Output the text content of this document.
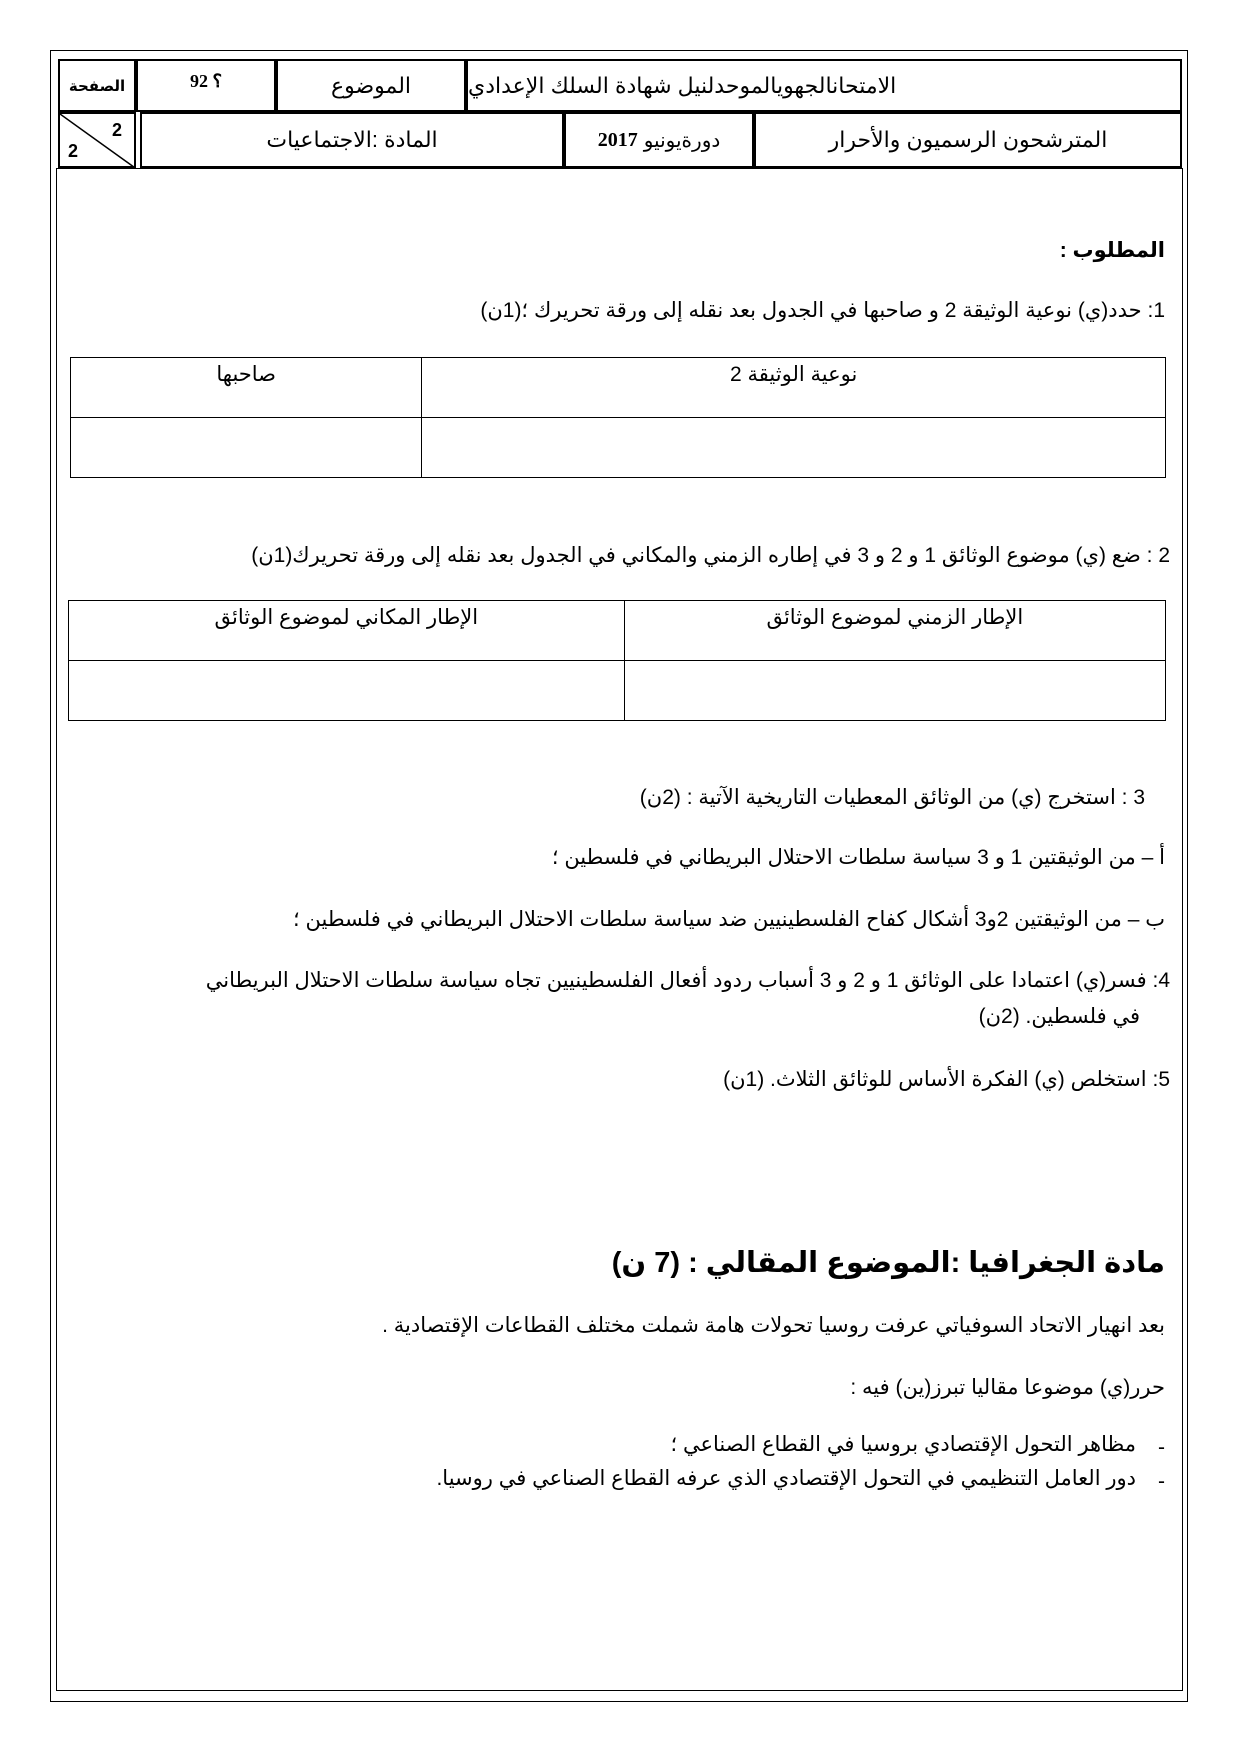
الصفحة	92 ؟	الموضوع	الامتحانالجهويالموحدلنيل شهادة السلك الإعدادي
2
2	المادة :الاجتماعيات	2017 دورةيونيو	المترشحون الرسميون والأحرار
المطلوب :
1: حدد(ي) نوعية الوثيقة 2 و صاحبها في الجدول بعد نقله إلى ورقة تحريرك ؛(1ن)
نوعية الوثيقة 2	صاحبها

2 : ضع (ي) موضوع الوثائق 1 و 2 و 3 في إطاره الزمني والمكاني في الجدول بعد نقله إلى ورقة تحريرك(1ن)
الإطار الزمني لموضوع الوثائق	الإطار المكاني لموضوع الوثائق

3 : استخرج (ي) من الوثائق المعطيات التاريخية الآتية : (2ن)
أ – من الوثيقتين 1 و 3 سياسة سلطات الاحتلال البريطاني في فلسطين ؛
ب – من الوثيقتين 2و3 أشكال كفاح الفلسطينيين ضد سياسة سلطات الاحتلال البريطاني في فلسطين ؛
4: فسر(ي) اعتمادا على الوثائق 1 و 2 و 3 أسباب ردود أفعال الفلسطينيين تجاه سياسة سلطات الاحتلال البريطاني
في فلسطين. (2ن)
5: استخلص (ي) الفكرة الأساس للوثائق الثلاث. (1ن)
مادة الجغرافيا :الموضوع المقالي : (7 ن)
بعد انهيار الاتحاد السوفياتي عرفت روسيا تحولات هامة شملت مختلف القطاعات الإقتصادية .
حرر(ي) موضوعا مقاليا تبرز(ين) فيه :
-
مظاهر التحول الإقتصادي بروسيا في القطاع الصناعي ؛
-
دور العامل التنظيمي في التحول الإقتصادي الذي عرفه القطاع الصناعي في روسيا.
